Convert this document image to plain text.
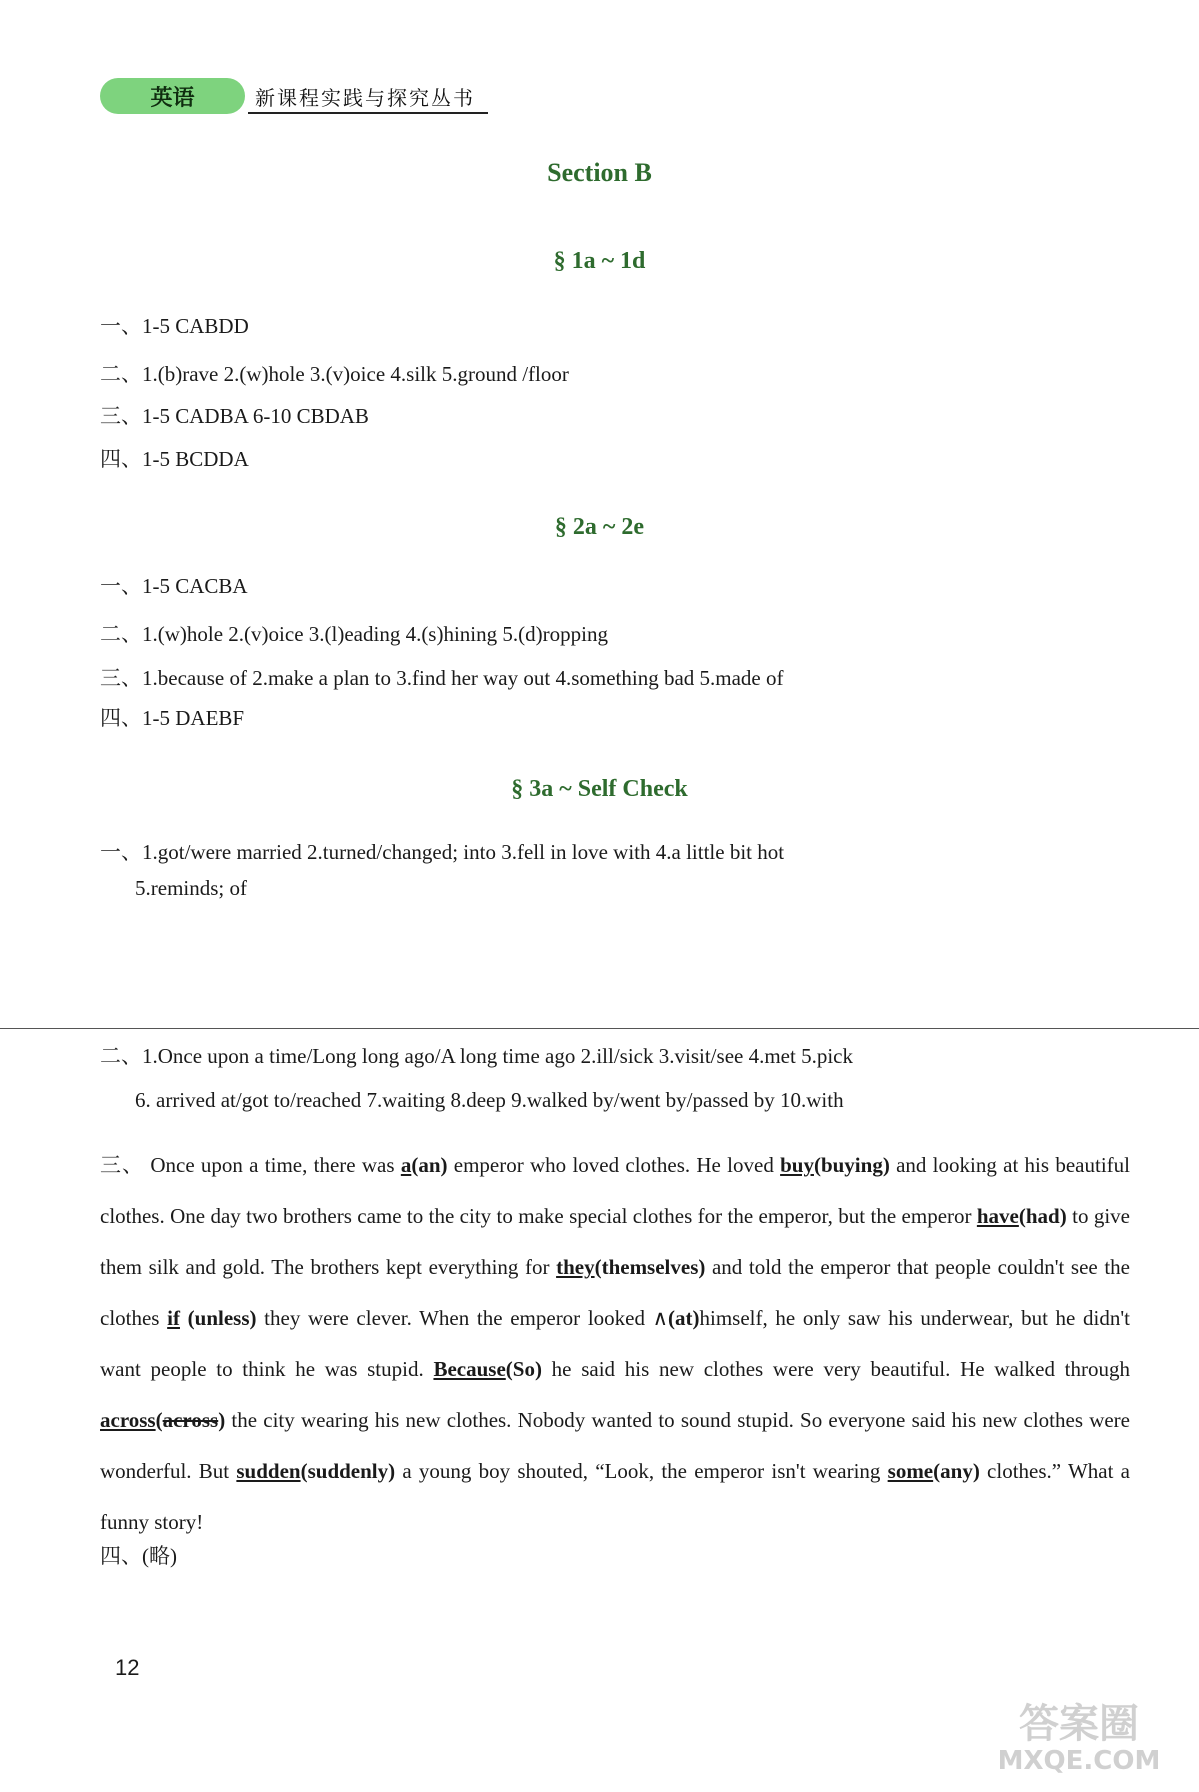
英语	新课程实践与探究丛书
Section B
§ 1a ~ 1d
一、1-5 CABDD
二、1.(b)rave 2.(w)hole 3.(v)oice 4.silk 5.ground /floor
三、1-5 CADBA 6-10 CBDAB
四、1-5 BCDDA
§ 2a ~ 2e
一、1-5 CACBA
二、1.(w)hole 2.(v)oice 3.(l)eading 4.(s)hining 5.(d)ropping
三、1.because of 2.make a plan to 3.find her way out 4.something bad 5.made of
四、1-5 DAEBF
§ 3a ~ Self Check
一、1.got/were married 2.turned/changed; into 3.fell in love with 4.a little bit hot
5.reminds; of
二、1.Once upon a time/Long long ago/A long time ago 2.ill/sick 3.visit/see 4.met 5.pick
6. arrived at/got to/reached 7.waiting 8.deep 9.walked by/went by/passed by 10.with
三、 Once upon a time, there was a(an) emperor who loved clothes. He loved buy(buying) and looking at his beautiful clothes. One day two brothers came to the city to make special clothes for the emperor, but the emperor have(had) to give them silk and gold. The brothers kept everything for they(themselves) and told the emperor that people couldn't see the clothes if (unless) they were clever. When the emperor looked ∧(at)himself, he only saw his underwear, but he didn't want people to think he was stupid. Because(So) he said his new clothes were very beautiful. He walked through across(across) the city wearing his new clothes. Nobody wanted to sound stupid. So everyone said his new clothes were wonderful. But sudden(suddenly) a young boy shouted, “Look, the emperor isn't wearing some(any) clothes.” What a funny story!
四、(略)
12
答案圈
MXQE.COM
